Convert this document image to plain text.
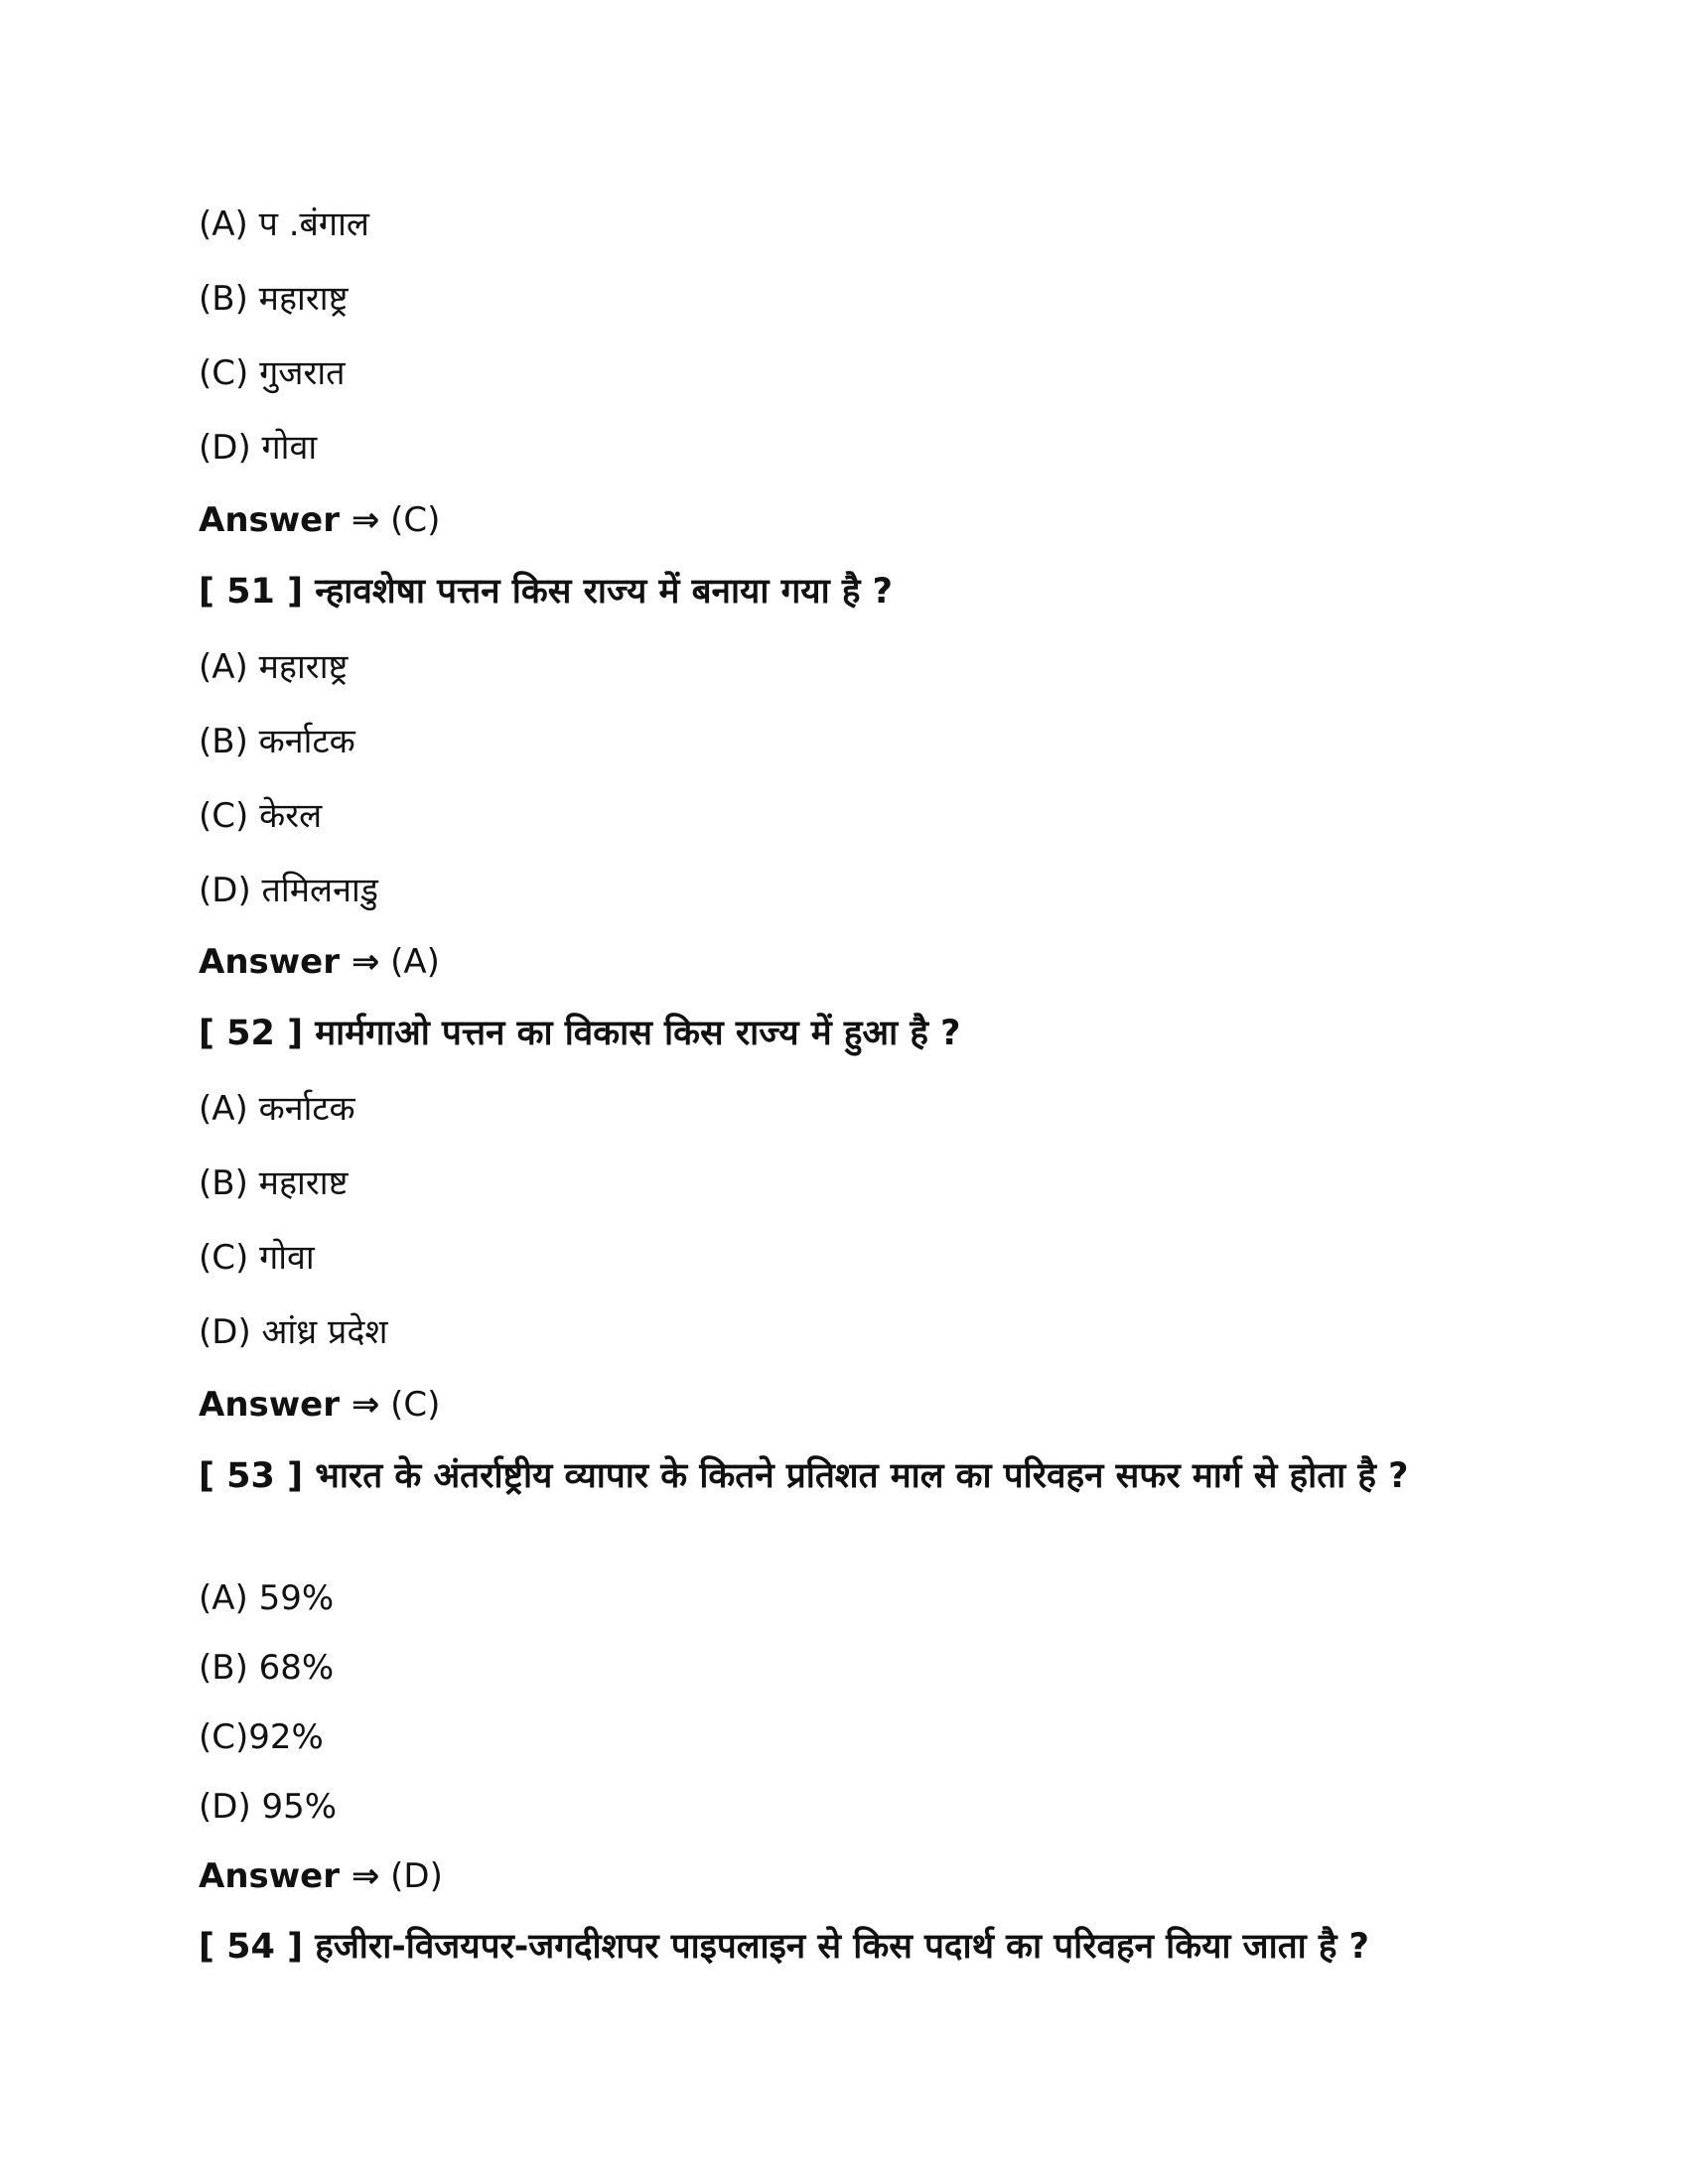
(A) प .बंगाल
(B) महाराष्ट्र
(C) गुजरात
(D) गोवा
Answer ⇒ (C)
[ 51 ] न्हावशेषा पत्तन किस राज्य में बनाया गया है ?
(A) महाराष्ट्र
(B) कर्नाटक
(C) केरल
(D) तमिलनाडु
Answer ⇒ (A)
[ 52 ] मार्मगाओ पत्तन का विकास किस राज्य में हुआ है ?
(A) कर्नाटक
(B) महाराष्ट
(C) गोवा
(D) आंध्र प्रदेश
Answer ⇒ (C)
[ 53 ] भारत के अंतर्राष्ट्रीय व्यापार के कितने प्रतिशत माल का परिवहन सफर मार्ग से होता है ?
(A) 59%
(B) 68%
(C)92%
(D) 95%
Answer ⇒ (D)
[ 54 ] हजीरा-विजयपर-जगदीशपर पाइपलाइन से किस पदार्थ का परिवहन किया जाता है ?
